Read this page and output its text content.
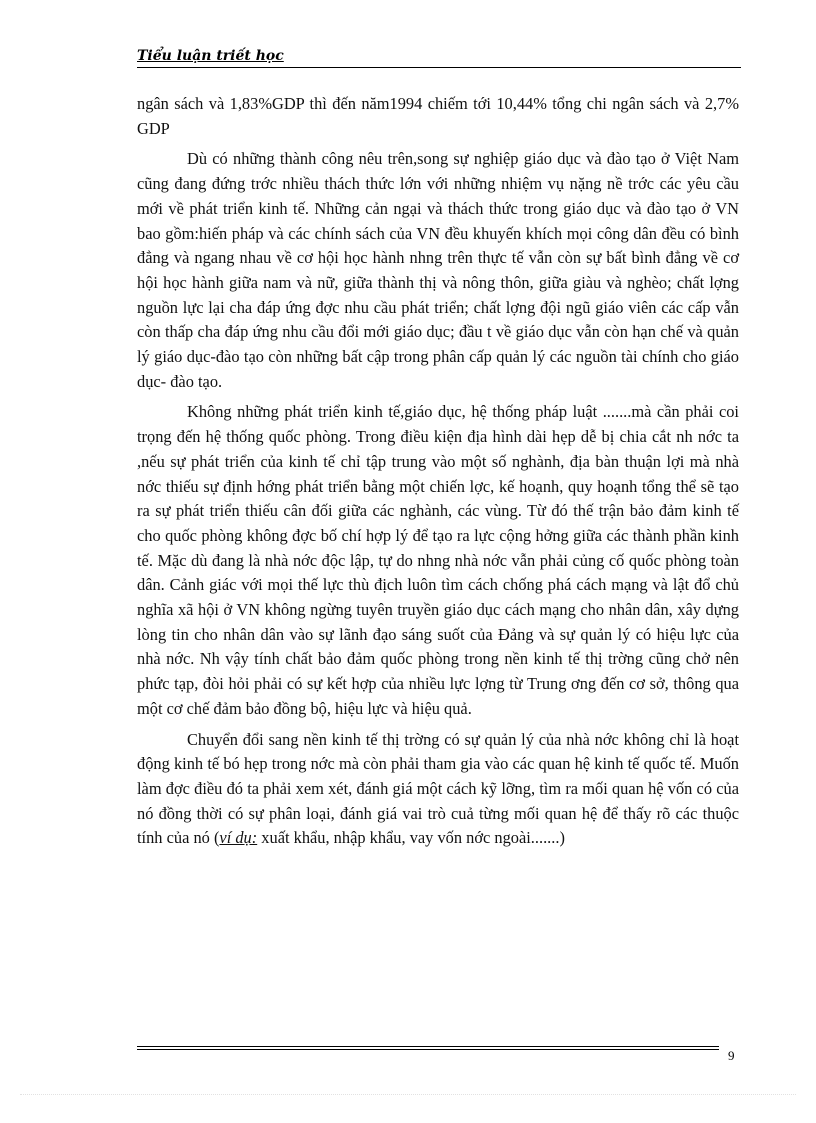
Tiểu luận triết học

ngân sách và 1,83%GDP thì đến năm1994 chiếm tới 10,44% tổng chi ngân sách và 2,7% GDP

Dù có những thành công nêu trên,song sự nghiệp giáo dục và đào tạo ở Việt Nam cũng đang đứng trớc nhiều thách thức lớn với những nhiệm vụ nặng nề trớc các yêu cầu mới về phát triển kinh tế. Những cản ngại và thách thức trong giáo dục và đào tạo ở VN bao gồm:hiến pháp và các chính sách của VN đều khuyến khích mọi công dân đều có bình đẳng và ngang nhau về cơ hội học hành nhng trên thực tế vẫn còn sự bất bình đẳng về cơ hội học hành giữa nam và nữ, giữa thành thị và nông thôn, giữa giàu và nghèo; chất lợng nguồn lực lại cha đáp ứng đợc nhu cầu phát triển; chất lợng đội ngũ giáo viên các cấp vẫn còn thấp cha đáp ứng nhu cầu đổi mới giáo dục; đầu t về giáo dục vẫn còn hạn chế và quản lý giáo dục-đào tạo còn những bất cập trong phân cấp quản lý các nguồn tài chính cho giáo dục- đào tạo.

Không những phát triển kinh tế,giáo dục, hệ thống pháp luật .......mà cần phải coi trọng đến hệ thống quốc phòng. Trong điều kiện địa hình dài hẹp dễ bị chia cắt nh nớc ta ,nếu sự phát triển của kinh tế chỉ tập trung vào một số nghành, địa bàn thuận lợi mà nhà nớc thiếu sự định hớng phát triển bằng một chiến lợc, kế hoạnh, quy hoạnh tổng thể sẽ tạo ra sự phát triển thiếu cân đối giữa các nghành, các vùng. Từ đó thế trận bảo đảm kinh tế cho quốc phòng không đợc bố chí hợp lý để tạo ra lực cộng hởng giữa các thành phần kinh tế. Mặc dù đang là nhà nớc độc lập, tự do nhng nhà nớc vẫn phải củng cố quốc phòng toàn dân. Cảnh giác với mọi thế lực thù địch luôn tìm cách chống phá cách mạng và lật đổ chủ nghĩa xã hội ở VN không ngừng tuyên truyền giáo dục cách mạng cho nhân dân, xây dựng lòng tin cho nhân dân vào sự lãnh đạo sáng suốt của Đảng và sự quản lý có hiệu lực của nhà nớc. Nh vậy tính chất bảo đảm quốc phòng trong nền kinh tế thị trờng cũng chở nên phức tạp, đòi hỏi phải có sự kết hợp của nhiều lực lợng từ Trung ơng đến cơ sở, thông qua một cơ chế đảm bảo đồng bộ, hiệu lực và hiệu quả.

Chuyển đổi sang nền kinh tế thị trờng có sự quản lý của nhà nớc không chỉ là hoạt động kinh tế bó hẹp trong nớc mà còn phải tham gia vào các quan hệ kinh tế quốc tế. Muốn làm đợc điều đó ta phải xem xét, đánh giá một cách kỹ lỡng, tìm ra mối quan hệ vốn có của nó đồng thời có sự phân loại, đánh giá vai trò cuả từng mối quan hệ để thấy rõ các thuộc tính của nó (ví dụ: xuất khẩu, nhập khẩu, vay vốn nớc ngoài.......)

9
